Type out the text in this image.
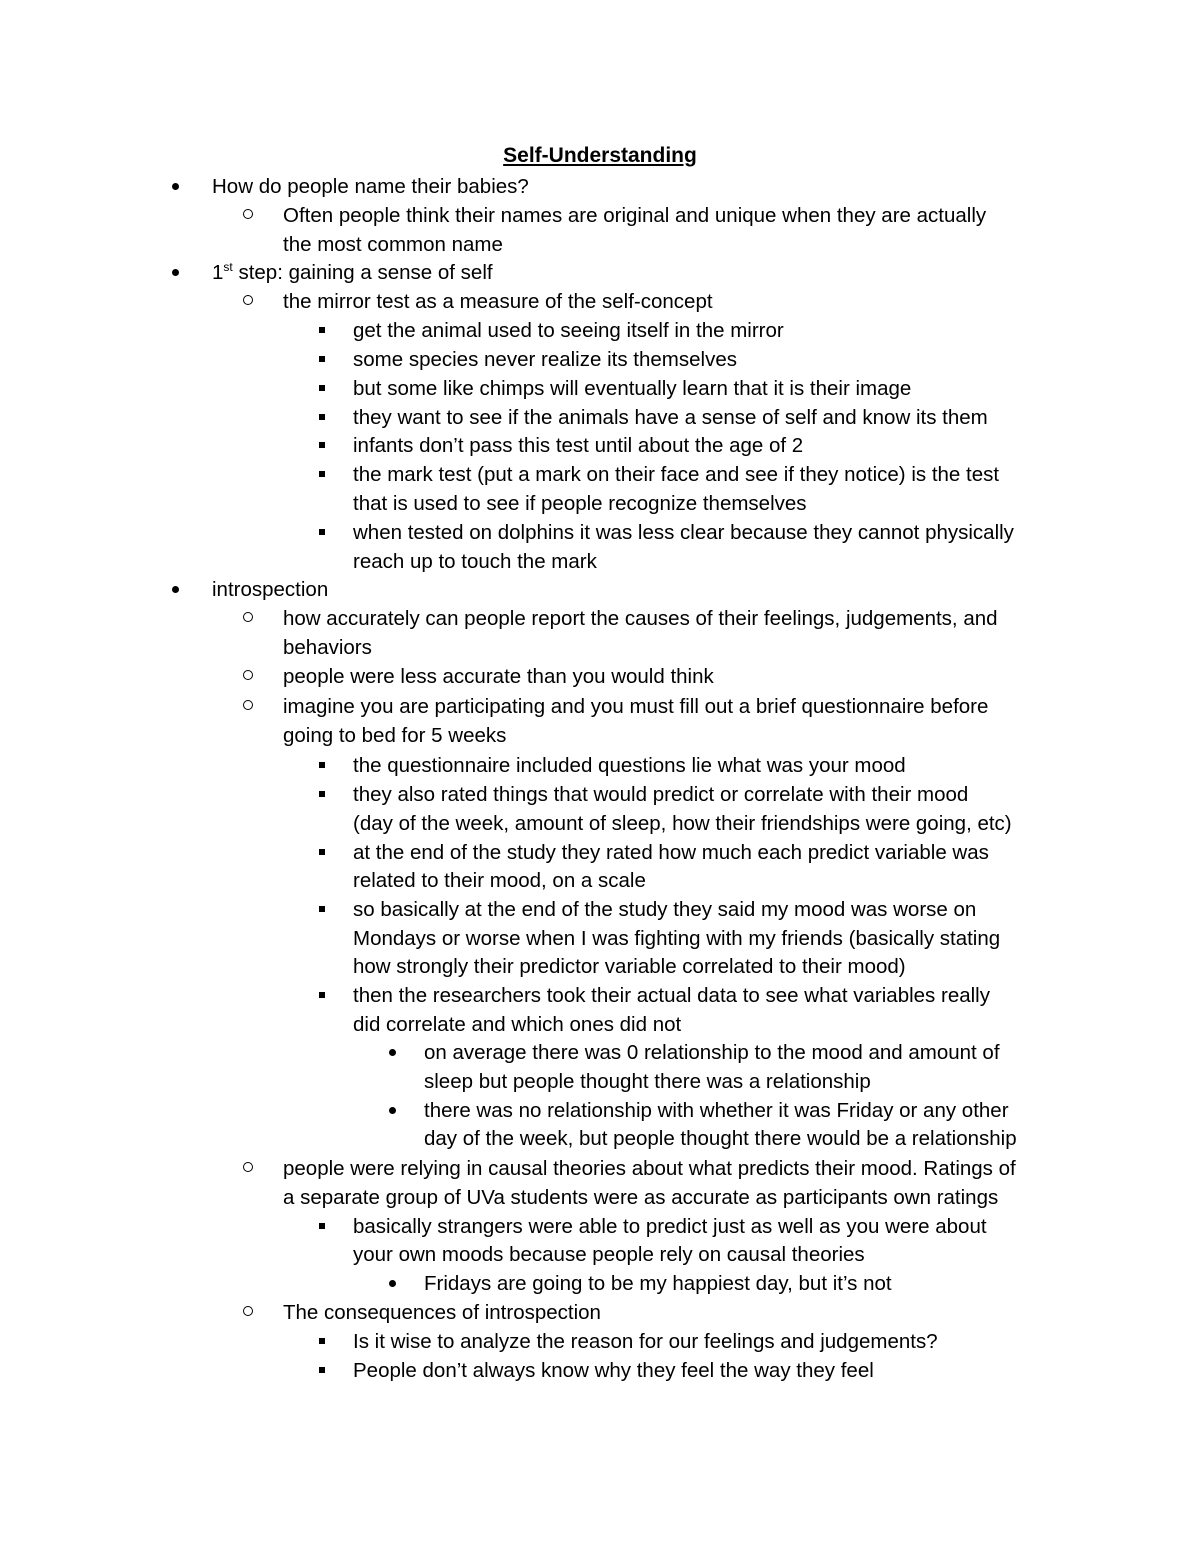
Self-Understanding
How do people name their babies?
Often people think their names are original and unique when they are actually
the most common name
1st step: gaining a sense of self
the mirror test as a measure of the self-concept
get the animal used to seeing itself in the mirror
some species never realize its themselves
but some like chimps will eventually learn that it is their image
they want to see if the animals have a sense of self and know its them
infants don’t pass this test until about the age of 2
the mark test (put a mark on their face and see if they notice) is the test
that is used to see if people recognize themselves
when tested on dolphins it was less clear because they cannot physically
reach up to touch the mark
introspection
how accurately can people report the causes of their feelings, judgements, and
behaviors
people were less accurate than you would think
imagine you are participating and you must fill out a brief questionnaire before
going to bed for 5 weeks
the questionnaire included questions lie what was your mood
they also rated things that would predict or correlate with their mood
(day of the week, amount of sleep, how their friendships were going, etc)
at the end of the study they rated how much each predict variable was
related to their mood, on a scale
so basically at the end of the study they said my mood was worse on
Mondays or worse when I was fighting with my friends (basically stating
how strongly their predictor variable correlated to their mood)
then the researchers took their actual data to see what variables really
did correlate and which ones did not
on average there was 0 relationship to the mood and amount of
sleep but people thought there was a relationship
there was no relationship with whether it was Friday or any other
day of the week, but people thought there would be a relationship
people were relying in causal theories about what predicts their mood. Ratings of
a separate group of UVa students were as accurate as participants own ratings
basically strangers were able to predict just as well as you were about
your own moods because people rely on causal theories
Fridays are going to be my happiest day, but it’s not
The consequences of introspection
Is it wise to analyze the reason for our feelings and judgements?
People don’t always know why they feel the way they feel
